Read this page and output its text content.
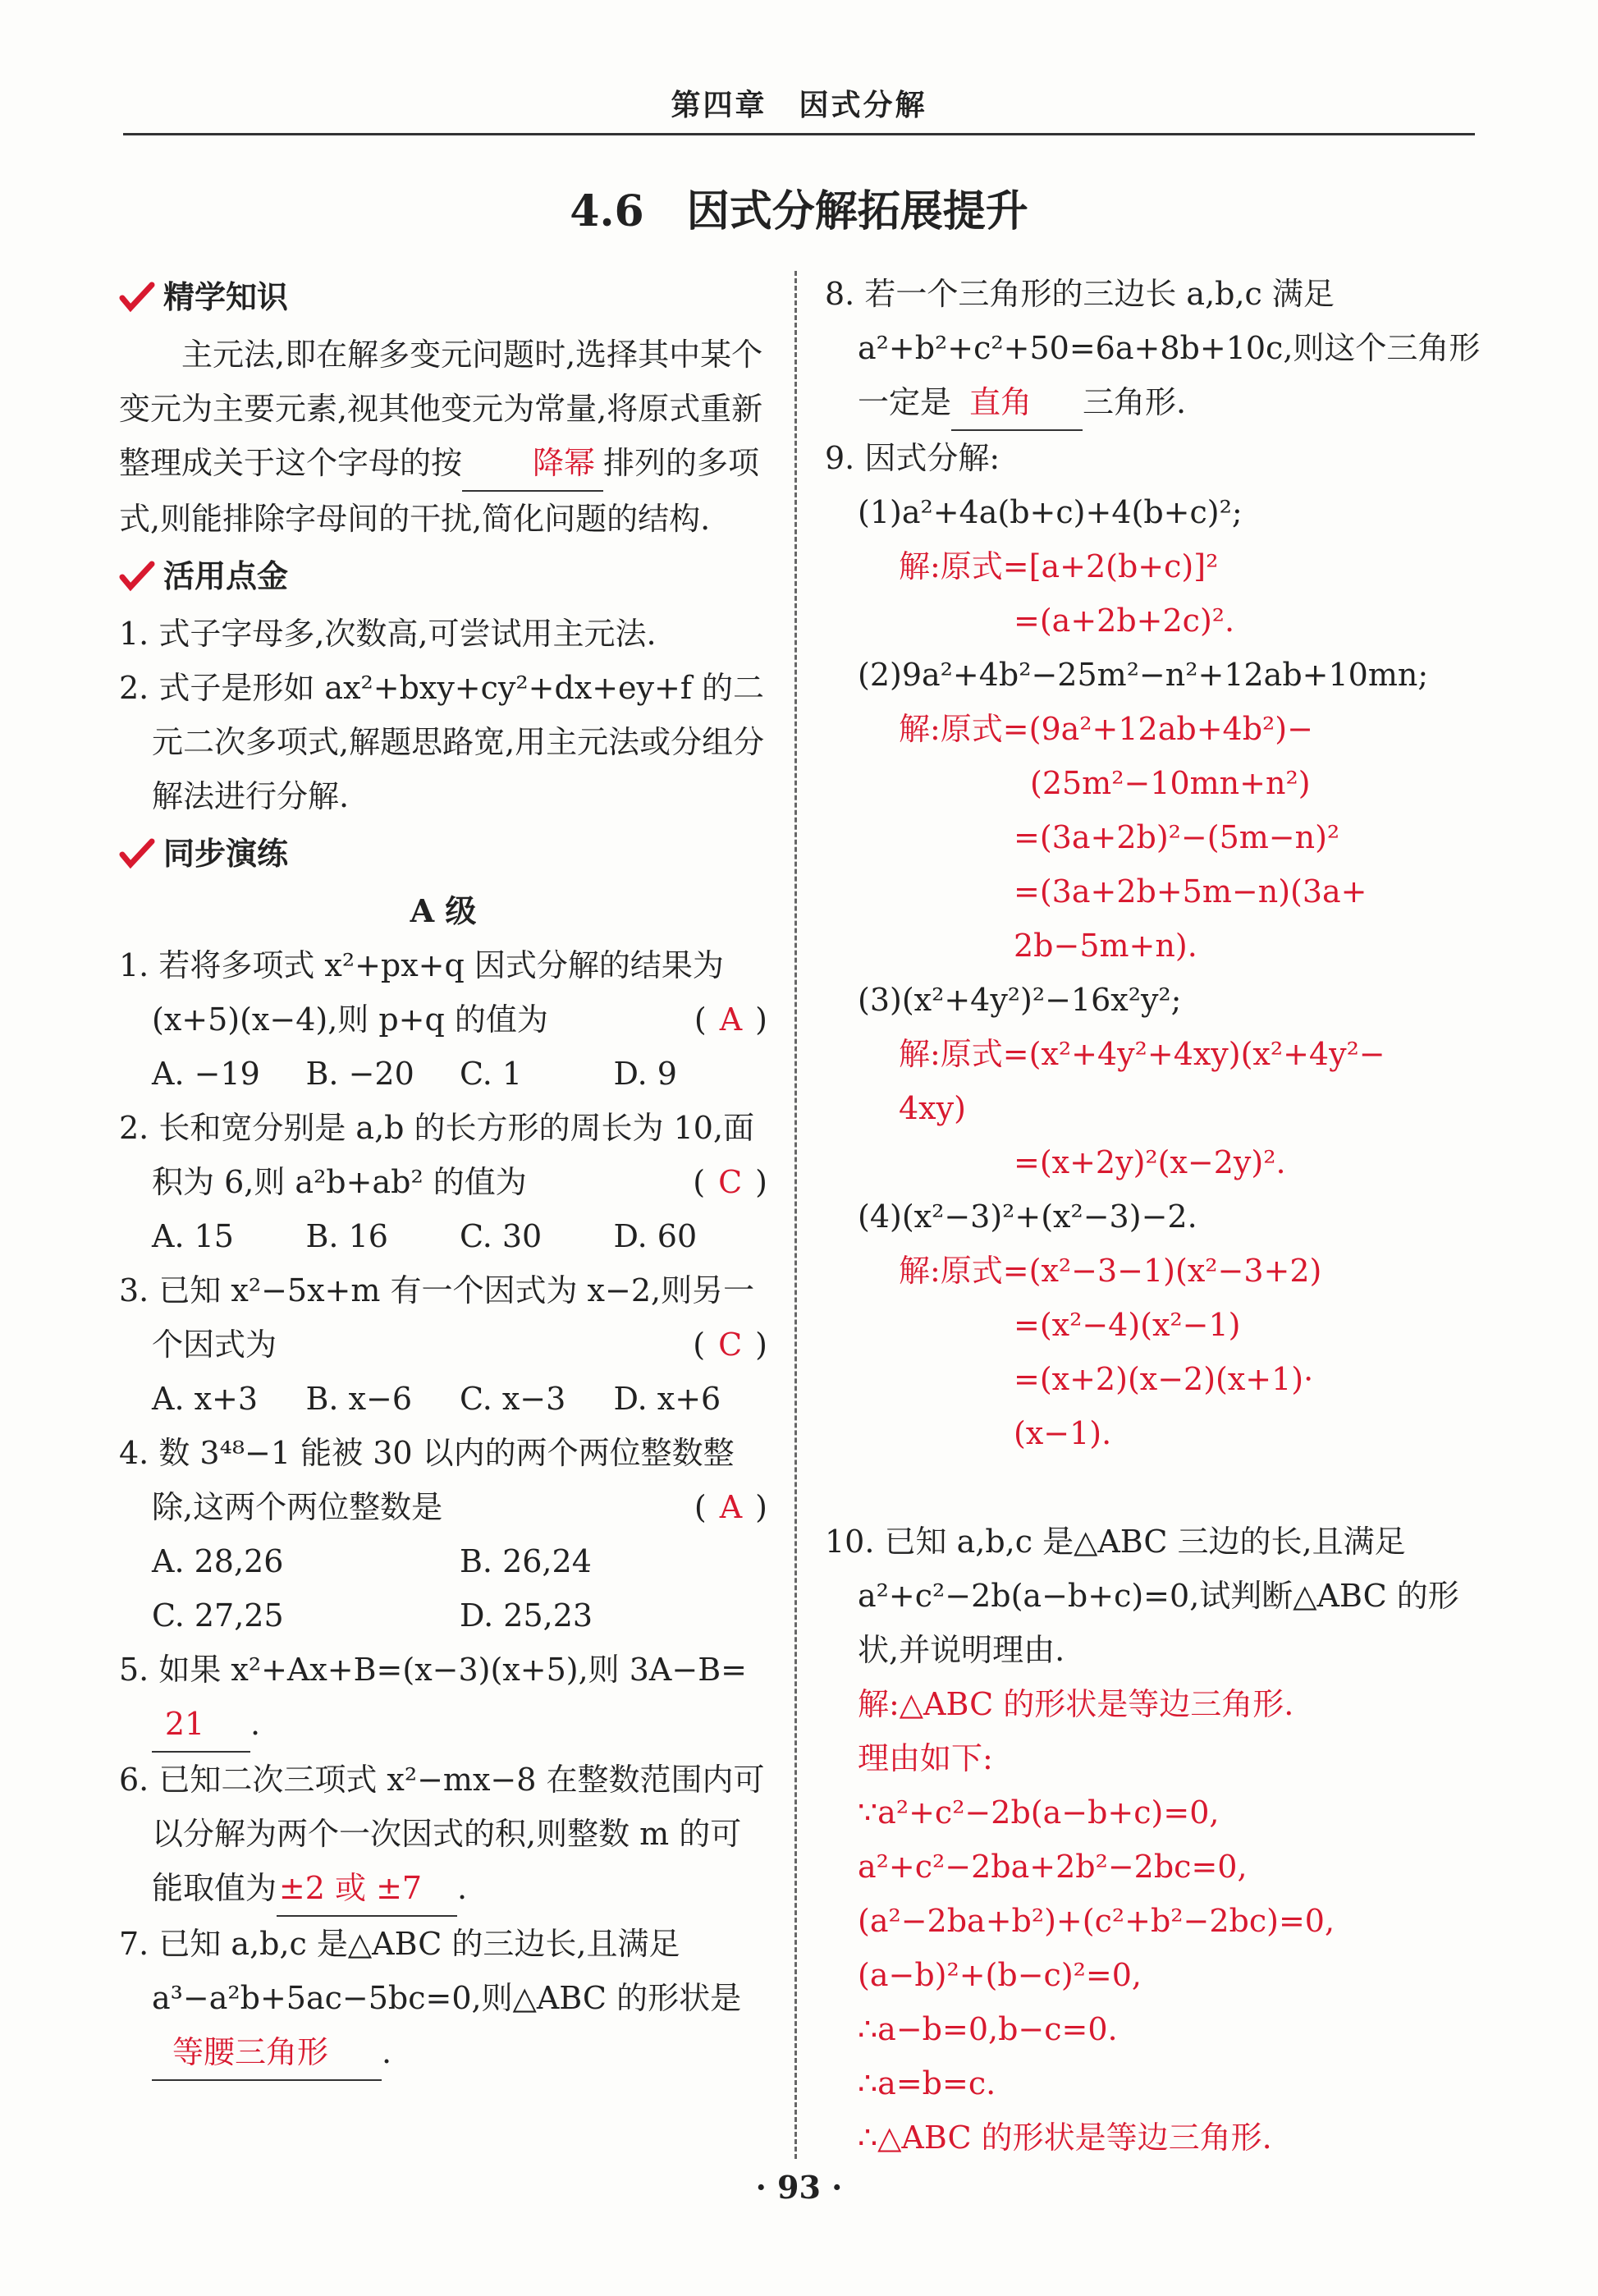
第四章　因式分解
4.6　因式分解拓展提升
精学知识

主元法,即在解多变元问题时,选择其中某个变元为主要元素,视其他变元为常量,将原式重新整理成关于这个字母的按 降幂 排列的多项式,则能排除字母间的干扰,简化问题的结构.

活用点金

1. 式子字母多,次数高,可尝试用主元法.

2. 式子是形如 ax²+bxy+cy²+dx+ey+f 的二元二次多项式,解题思路宽,用主元法或分组分解法进行分解.

同步演练
A 级

1. 若将多项式 x²+px+q 因式分解的结果为 (x+5)(x−4),则 p+q 的值为	( A )

A. −19	B. −20	C. 1	D. 9

2. 长和宽分别是 a,b 的长方形的周长为 10,面积为 6,则 a²b+ab² 的值为	( C )

A. 15	B. 16	C. 30	D. 60

3. 已知 x²−5x+m 有一个因式为 x−2,则另一个因式为	( C )

A. x+3	B. x−6	C. x−3	D. x+6

4. 数 3⁴⁸−1 能被 30 以内的两个两位整数整除,这两个两位整数是	( A )

A. 28,26	B. 26,24
C. 27,25	D. 25,23

5. 如果 x²+Ax+B=(x−3)(x+5),则 3A−B=21 .

6. 已知二次三项式 x²−mx−8 在整数范围内可以分解为两个一次因式的积,则整数 m 的可能取值为±2 或 ±7 .

7. 已知 a,b,c 是△ABC 的三边长,且满足 a³−a²b+5ac−5bc=0,则△ABC 的形状是等腰三角形 .

8. 若一个三角形的三边长 a,b,c 满足 a²+b²+c²+50=6a+8b+10c,则这个三角形一定是 直角 三角形.

9. 因式分解:

(1)a²+4a(b+c)+4(b+c)²;

解:原式=[a+2(b+c)]²

=(a+2b+2c)².

(2)9a²+4b²−25m²−n²+12ab+10mn;

解:原式=(9a²+12ab+4b²)−

(25m²−10mn+n²)

=(3a+2b)²−(5m−n)²

=(3a+2b+5m−n)(3a+

2b−5m+n).

(3)(x²+4y²)²−16x²y²;

解:原式=(x²+4y²+4xy)(x²+4y²−

4xy)

=(x+2y)²(x−2y)².

(4)(x²−3)²+(x²−3)−2.

解:原式=(x²−3−1)(x²−3+2)

=(x²−4)(x²−1)

=(x+2)(x−2)(x+1)·

(x−1).

10. 已知 a,b,c 是△ABC 三边的长,且满足 a²+c²−2b(a−b+c)=0,试判断△ABC 的形状,并说明理由.

解:△ABC 的形状是等边三角形.

理由如下:

∵a²+c²−2b(a−b+c)=0,

a²+c²−2ba+2b²−2bc=0,

(a²−2ba+b²)+(c²+b²−2bc)=0,

(a−b)²+(b−c)²=0,

∴a−b=0,b−c=0.

∴a=b=c.

∴△ABC 的形状是等边三角形.

· 93 ·
